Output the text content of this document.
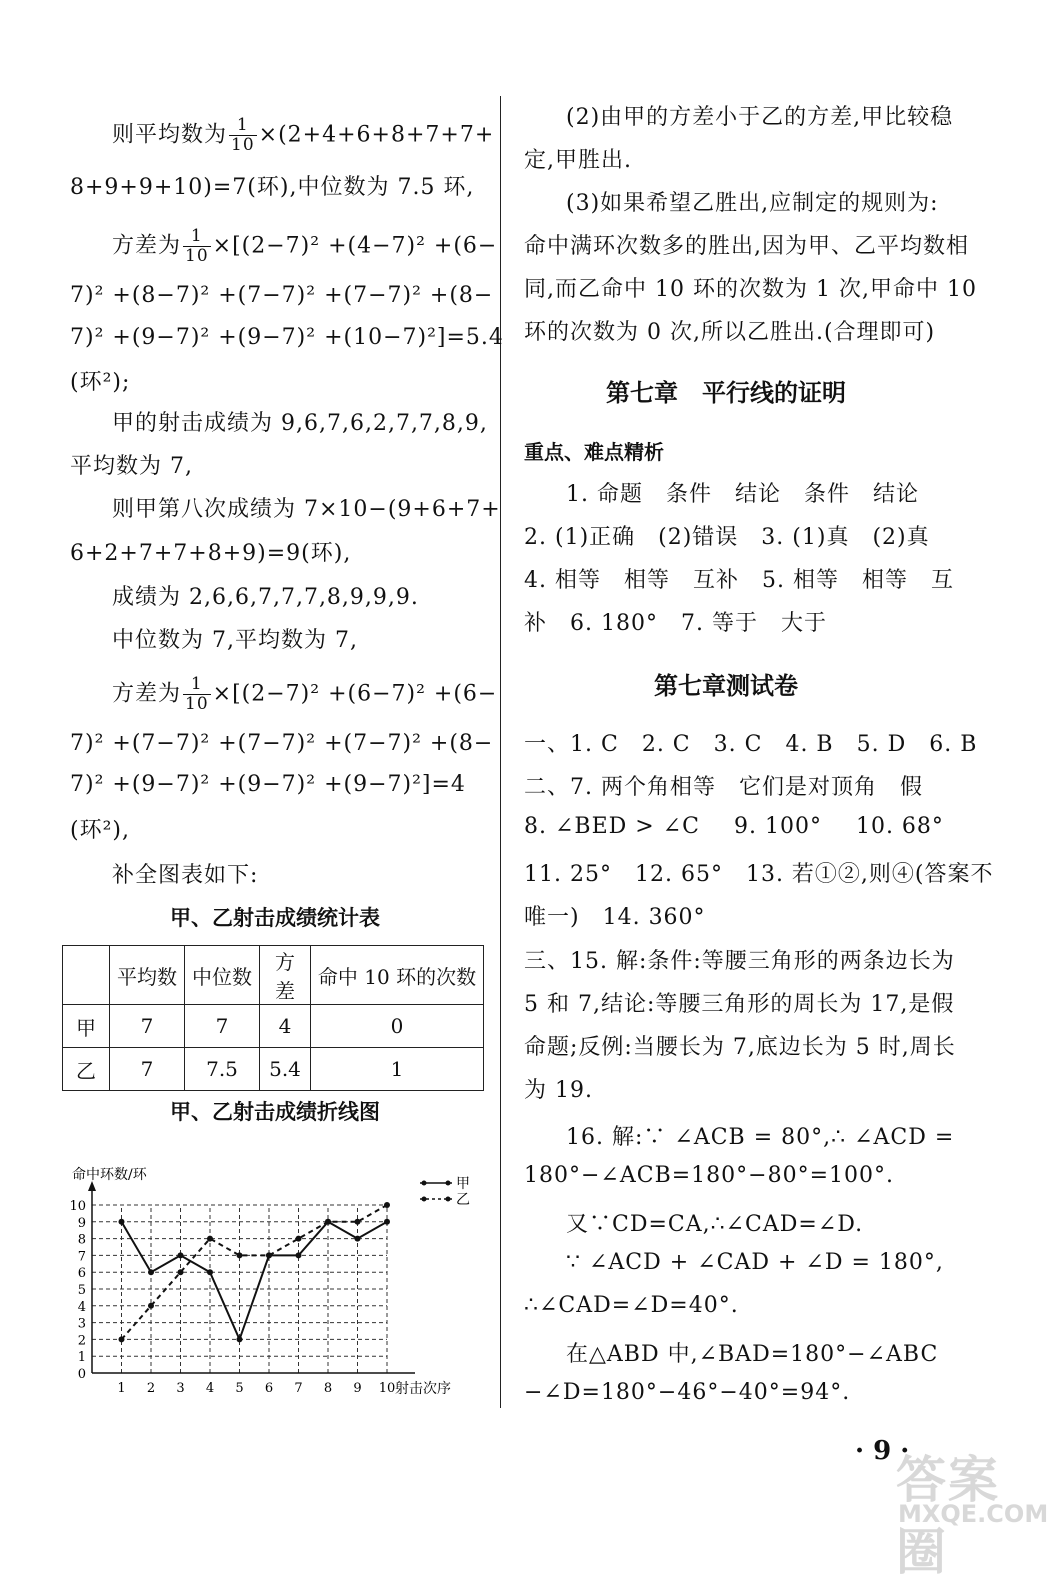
则平均数为 $\frac{1}{10} \times(2+4+6+8+7+7+$
8+9+9+10)=7(环),中位数为 7.5 环,
方差为 $\frac{1}{10} \times[(2-7)^2 +(4-7)^2 +(6-$
7)² +(8−7)² +(7−7)² +(7−7)² +(8−
7)² +(9−7)² +(9−7)² +(10−7)²]=5.4
(环²);
甲的射击成绩为 9,6,7,6,2,7,7,8,9,
平均数为 7,
则甲第八次成绩为 7×10−(9+6+7+
6+2+7+7+8+9)=9(环),
成绩为 2,6,6,7,7,7,8,9,9,9.
中位数为 7,平均数为 7,
方差为 $\frac{1}{10} \times[(2-7)^2 +(6-7)^2 +(6-$
7)² +(7−7)² +(7−7)² +(7−7)² +(8−
7)² +(9−7)² +(9−7)² +(9−7)²]=4
(环²),
补全图表如下:
甲、乙射击成绩统计表
	平均数	中位数	方差	命中 10 环的次数
甲	7	7	4	0
乙	7	7.5	5.4	1
甲、乙射击成绩折线图
1
2
3
4
5
6
7
8
9
10
0
1 2 3 4 5 6 7 8 9 10
命中环数/环
射击次序
甲
乙
(2)由甲的方差小于乙的方差,甲比较稳
定,甲胜出.
(3)如果希望乙胜出,应制定的规则为:
命中满环次数多的胜出,因为甲、乙平均数相
同,而乙命中 10 环的次数为 1 次,甲命中 10
环的次数为 0 次,所以乙胜出.(合理即可)
第七章　平行线的证明
重点、难点精析
1. 命题　条件　结论　条件　结论
2. (1)正确　(2)错误　3. (1)真　(2)真
4. 相等　相等　互补　5. 相等　相等　互
补　6. 180°　7. 等于　大于
第七章测试卷
一、1. C　2. C　3. C　4. B　5. D　6. B
二、7. 两个角相等　它们是对顶角　假
8. ∠BED > ∠C 9. 100° 10. 68°
11. 25°　12. 65°　13. 若①②,则④(答案不
唯一)　14. 360°
三、15. 解:条件:等腰三角形的两条边长为
5 和 7,结论:等腰三角形的周长为 17,是假
命题;反例:当腰长为 7,底边长为 5 时,周长
为 19.
16. 解:∵ ∠ACB = 80°,∴ ∠ACD =
180°−∠ACB=180°−80°=100°.
又∵CD=CA,∴∠CAD=∠D.
∵ ∠ACD + ∠CAD + ∠D = 180°,
∴∠CAD=∠D=40°.
在△ABD 中,∠BAD=180°−∠ABC
−∠D=180°−46°−40°=94°.
· 9 ·
答案圈
MXQE.COM
